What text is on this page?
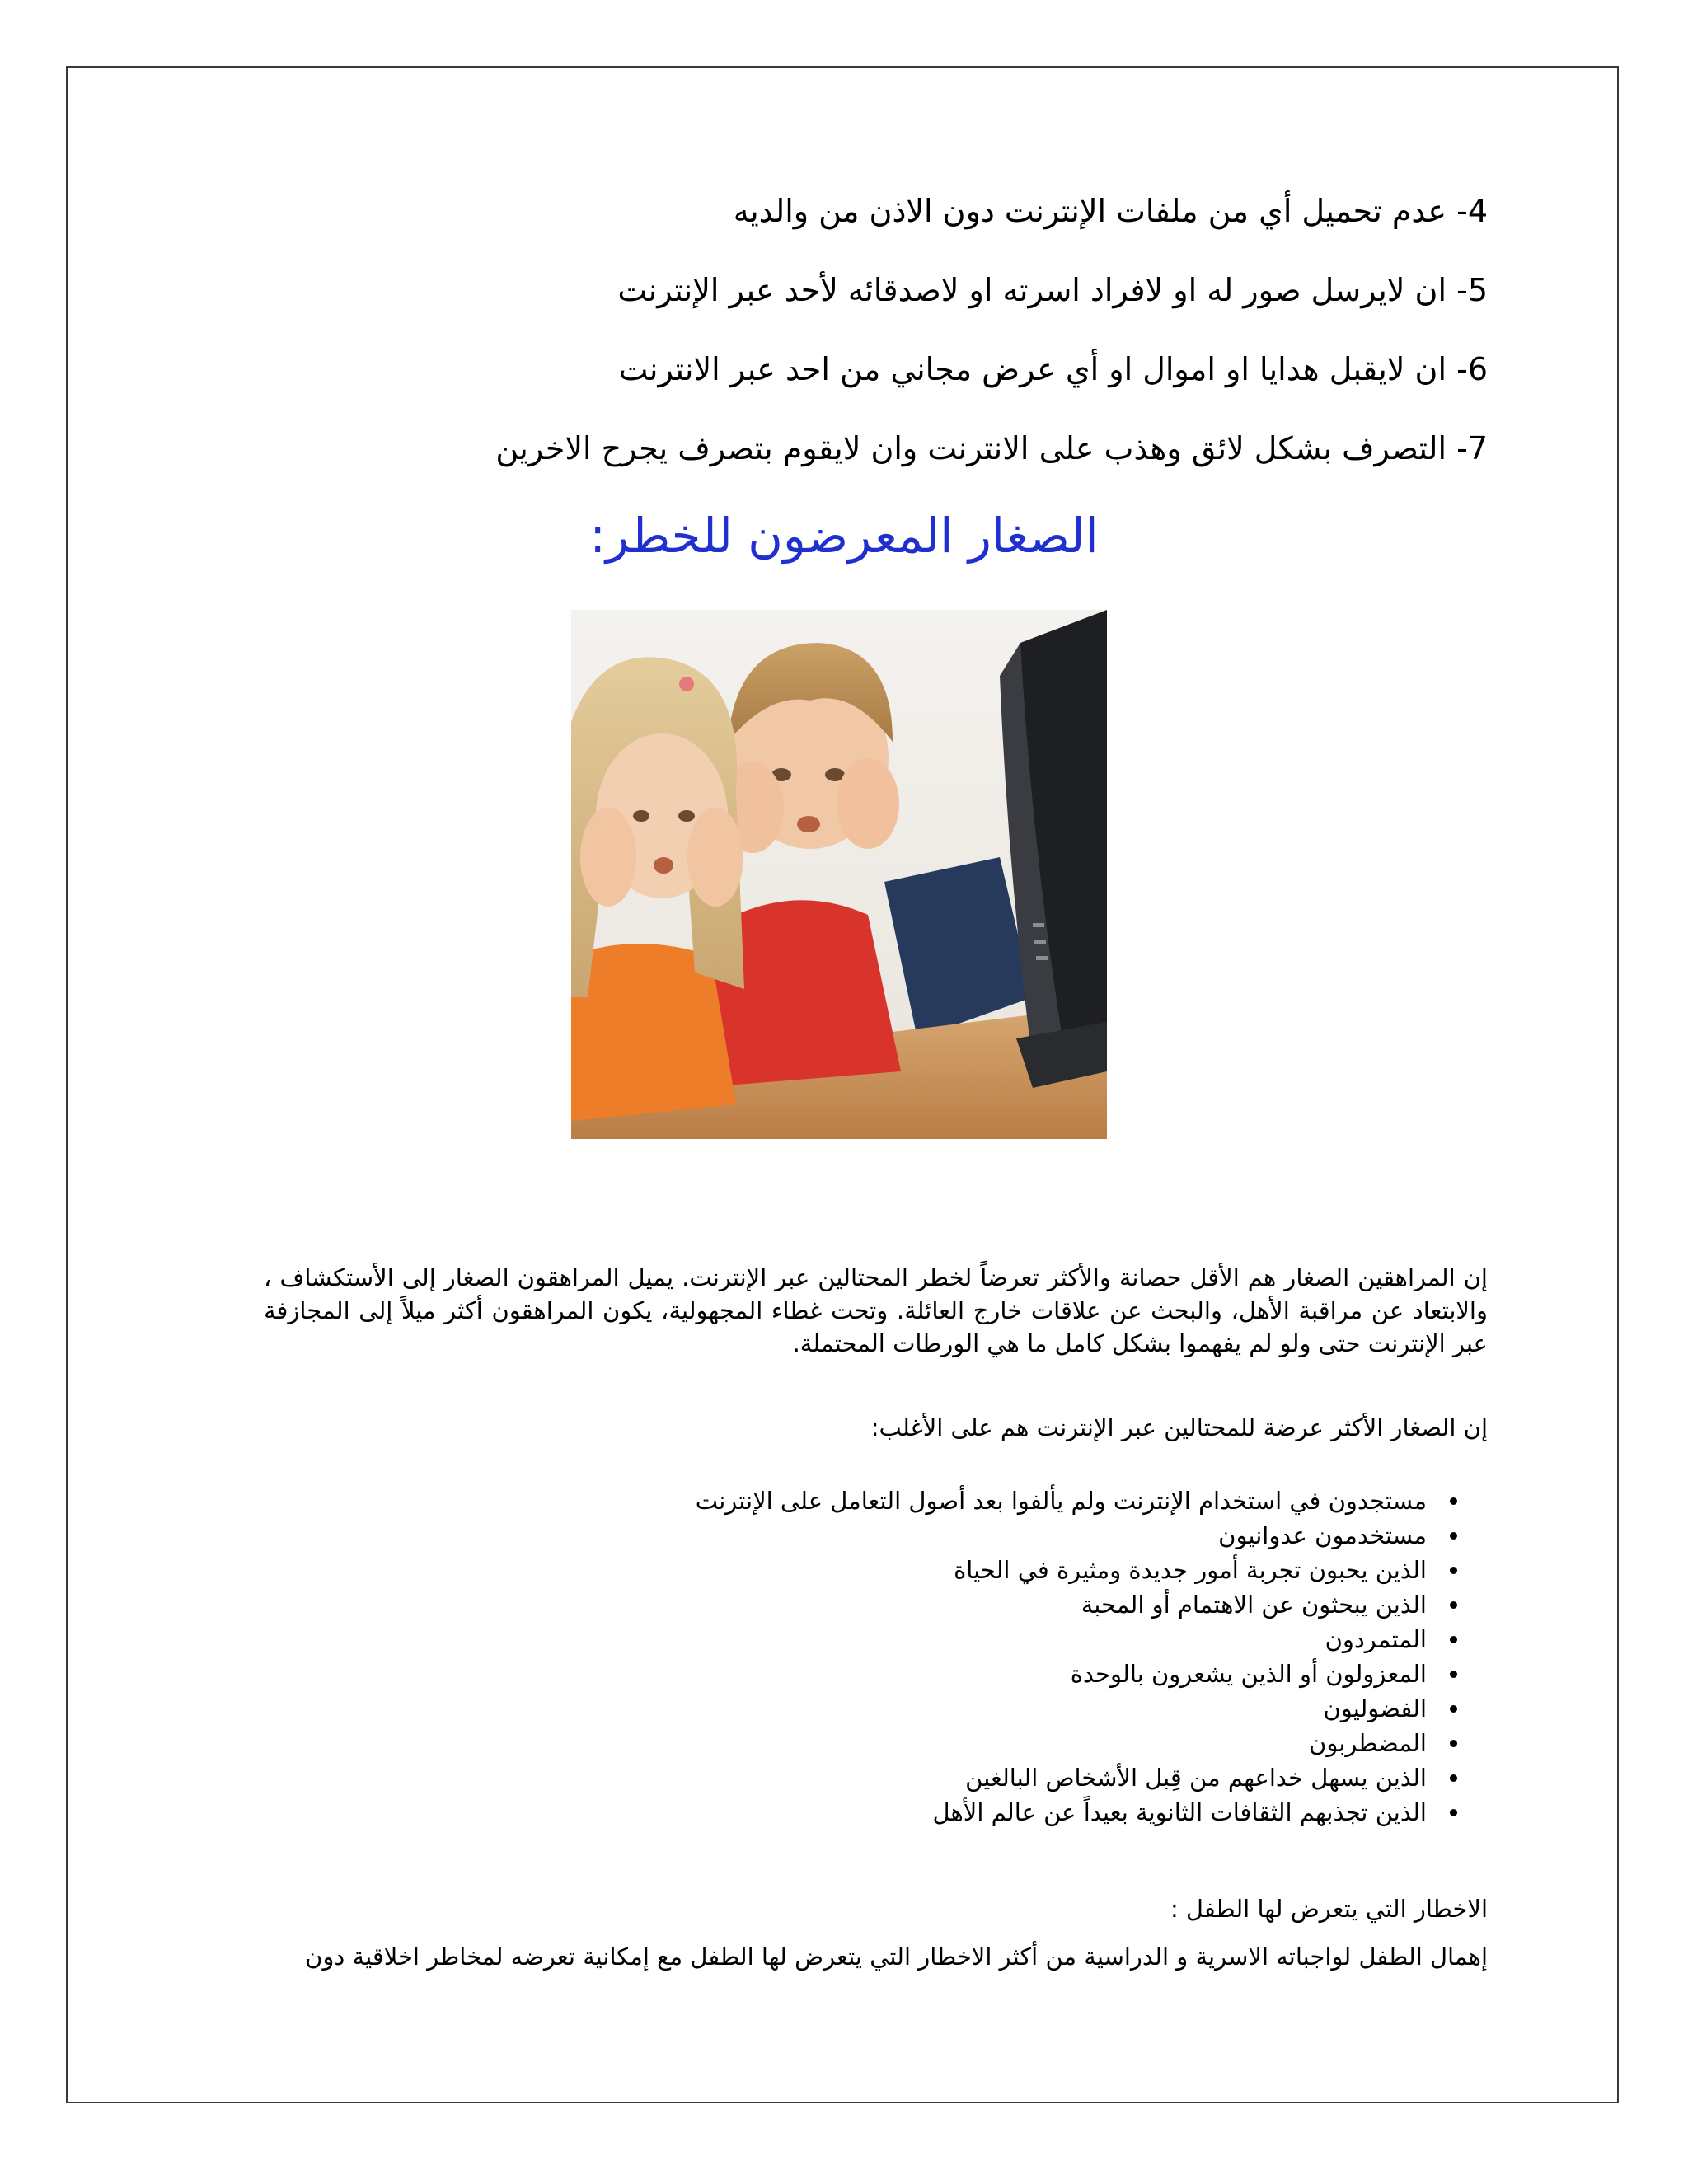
4- عدم تحميل أي من ملفات الإنترنت دون الاذن من والديه
5- ان لايرسل صور له او لافراد اسرته او لاصدقائه لأحد عبر الإنترنت
6- ان لايقبل هدايا او اموال او أي عرض مجاني من احد عبر الانترنت
7- التصرف بشكل لائق وهذب على الانترنت وان لايقوم بتصرف يجرح الاخرين
الصغار المعرضون للخطر:
إن المراهقين الصغار هم الأقل حصانة والأكثر تعرضاً لخطر المحتالين عبر الإنترنت. يميل المراهقون الصغار إلى الأستكشاف ، والابتعاد عن مراقبة الأهل، والبحث عن علاقات خارج العائلة. وتحت غطاء المجهولية، يكون المراهقون أكثر ميلاً إلى المجازفة عبر الإنترنت حتى ولو لم يفهموا بشكل كامل ما هي الورطات المحتملة.
إن الصغار الأكثر عرضة للمحتالين عبر الإنترنت هم على الأغلب:
• مستجدون في استخدام الإنترنت ولم يألفوا بعد أصول التعامل على الإنترنت
• مستخدمون عدوانيون
• الذين يحبون تجربة أمور جديدة ومثيرة في الحياة
• الذين يبحثون عن الاهتمام أو المحبة
• المتمردون
• المعزولون أو الذين يشعرون بالوحدة
• الفضوليون
• المضطربون
• الذين يسهل خداعهم من قِبل الأشخاص البالغين
• الذين تجذبهم الثقافات الثانوية بعيداً عن عالم الأهل
الاخطار التي يتعرض لها الطفل :
إهمال الطفل لواجباته الاسرية و الدراسية من أكثر الاخطار التي يتعرض لها الطفل مع إمكانية تعرضه لمخاطر اخلاقية دون
